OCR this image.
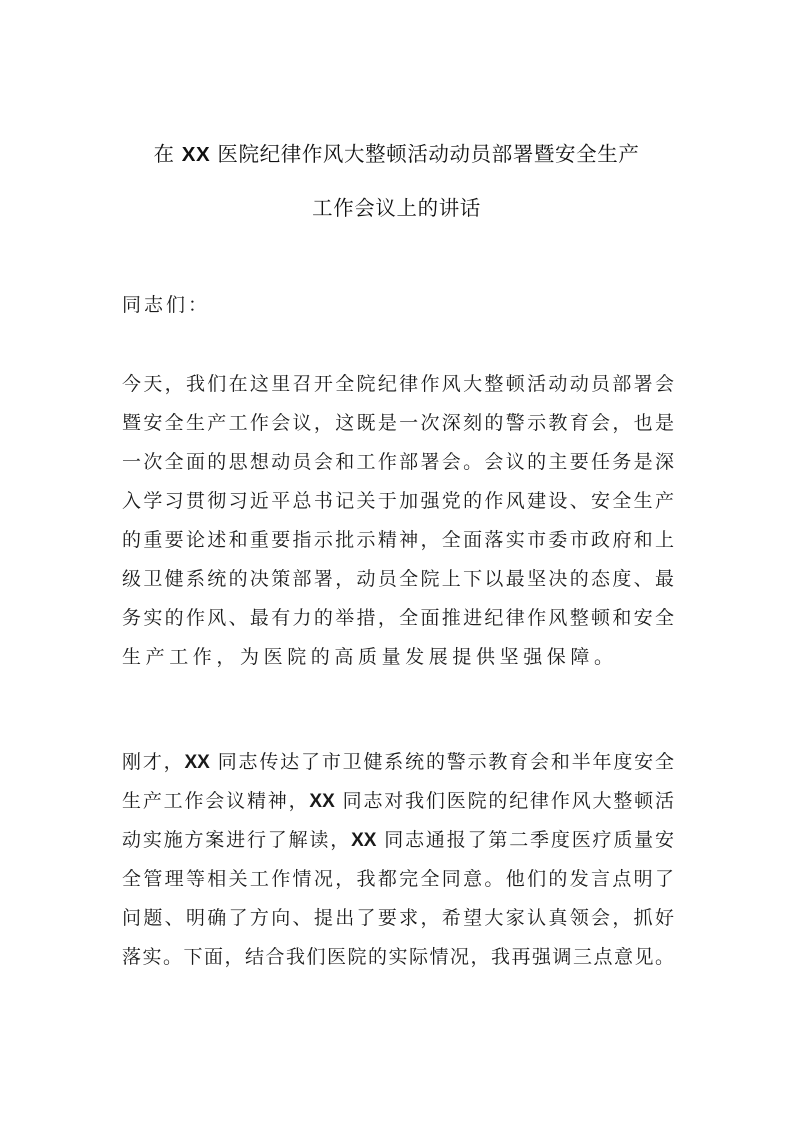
在 XX 医院纪律作风大整顿活动动员部署暨安全生产
工作会议上的讲话
同志们：
今天，我们在这里召开全院纪律作风大整顿活动动员部署会
暨安全生产工作会议，这既是一次深刻的警示教育会，也是
一次全面的思想动员会和工作部署会。会议的主要任务是深
入学习贯彻习近平总书记关于加强党的作风建设、安全生产
的重要论述和重要指示批示精神，全面落实市委市政府和上
级卫健系统的决策部署，动员全院上下以最坚决的态度、最
务实的作风、最有力的举措，全面推进纪律作风整顿和安全
生产工作，为医院的高质量发展提供坚强保障。
刚才，XX 同志传达了市卫健系统的警示教育会和半年度安全
生产工作会议精神，XX 同志对我们医院的纪律作风大整顿活
动实施方案进行了解读，XX 同志通报了第二季度医疗质量安
全管理等相关工作情况，我都完全同意。他们的发言点明了
问题、明确了方向、提出了要求，希望大家认真领会，抓好
落实。下面，结合我们医院的实际情况，我再强调三点意见。
